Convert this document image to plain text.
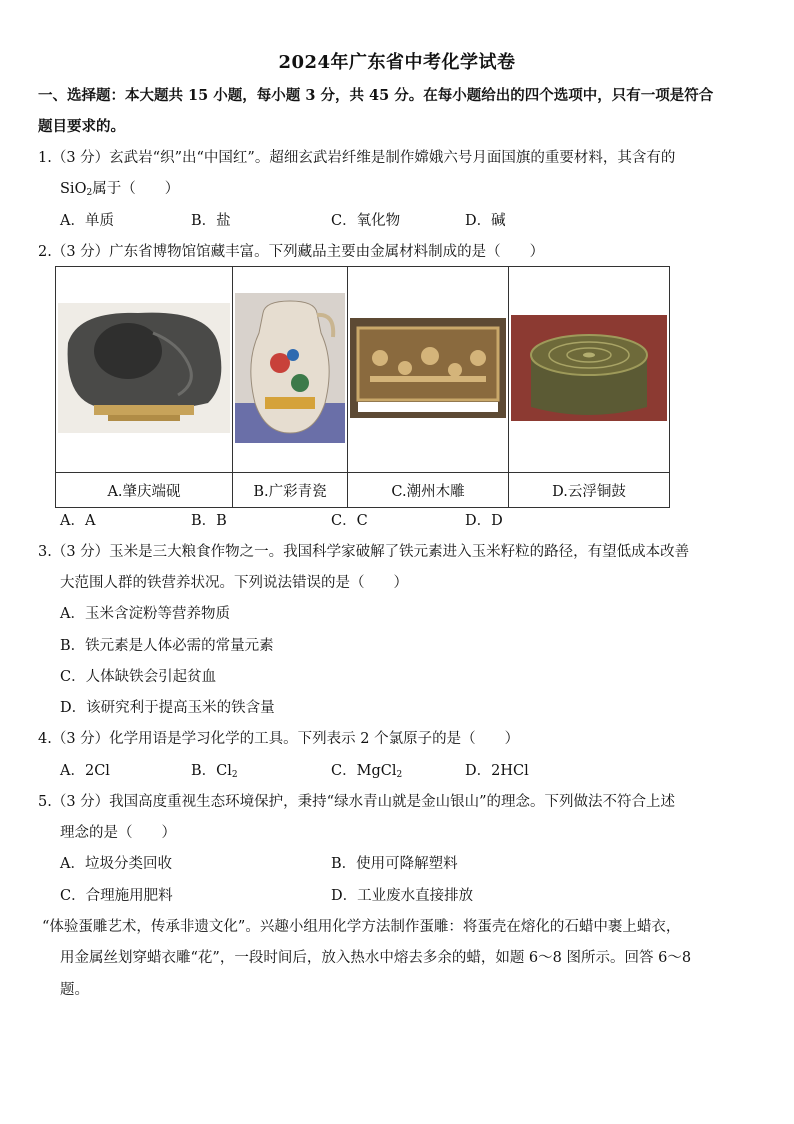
2024年广东省中考化学试卷
一、选择题：本大题共 15 小题，每小题 3 分，共 45 分。在每小题给出的四个选项中，只有一项是符合
题目要求的。
1.（3 分）玄武岩“织”出“中国红”。超细玄武岩纤维是制作嫦娥六号月面国旗的重要材料，其含有的
SiO$_2$属于（　　）
A．单质	B．盐	C．氧化物	D．碱
2.（3 分）广东省博物馆馆藏丰富。下列藏品主要由金属材料制成的是（　　）

A.肇庆端砚	B.广彩青瓷	C.潮州木雕	D.云浮铜鼓
A．A	B．B	C．C	D．D
3.（3 分）玉米是三大粮食作物之一。我国科学家破解了铁元素进入玉米籽粒的路径，有望低成本改善
大范围人群的铁营养状况。下列说法错误的是（　　）
A．玉米含淀粉等营养物质
B．铁元素是人体必需的常量元素
C．人体缺铁会引起贫血
D．该研究利于提高玉米的铁含量
4.（3 分）化学用语是学习化学的工具。下列表示 2 个氯原子的是（　　）
A．2Cl	B．$Cl_2$	C．MgCl$_2$	D．2HCl
5.（3 分）我国高度重视生态环境保护，秉持“绿水青山就是金山银山”的理念。下列做法不符合上述
理念的是（　　）
A．垃圾分类回收	B．使用可降解塑料
C．合理施用肥料	D．工业废水直接排放
“体验蛋雕艺术，传承非遗文化”。兴趣小组用化学方法制作蛋雕：将蛋壳在熔化的石蜡中裹上蜡衣，
用金属丝划穿蜡衣雕“花”，一段时间后，放入热水中熔去多余的蜡，如题 6～8 图所示。回答 6～8
题。
